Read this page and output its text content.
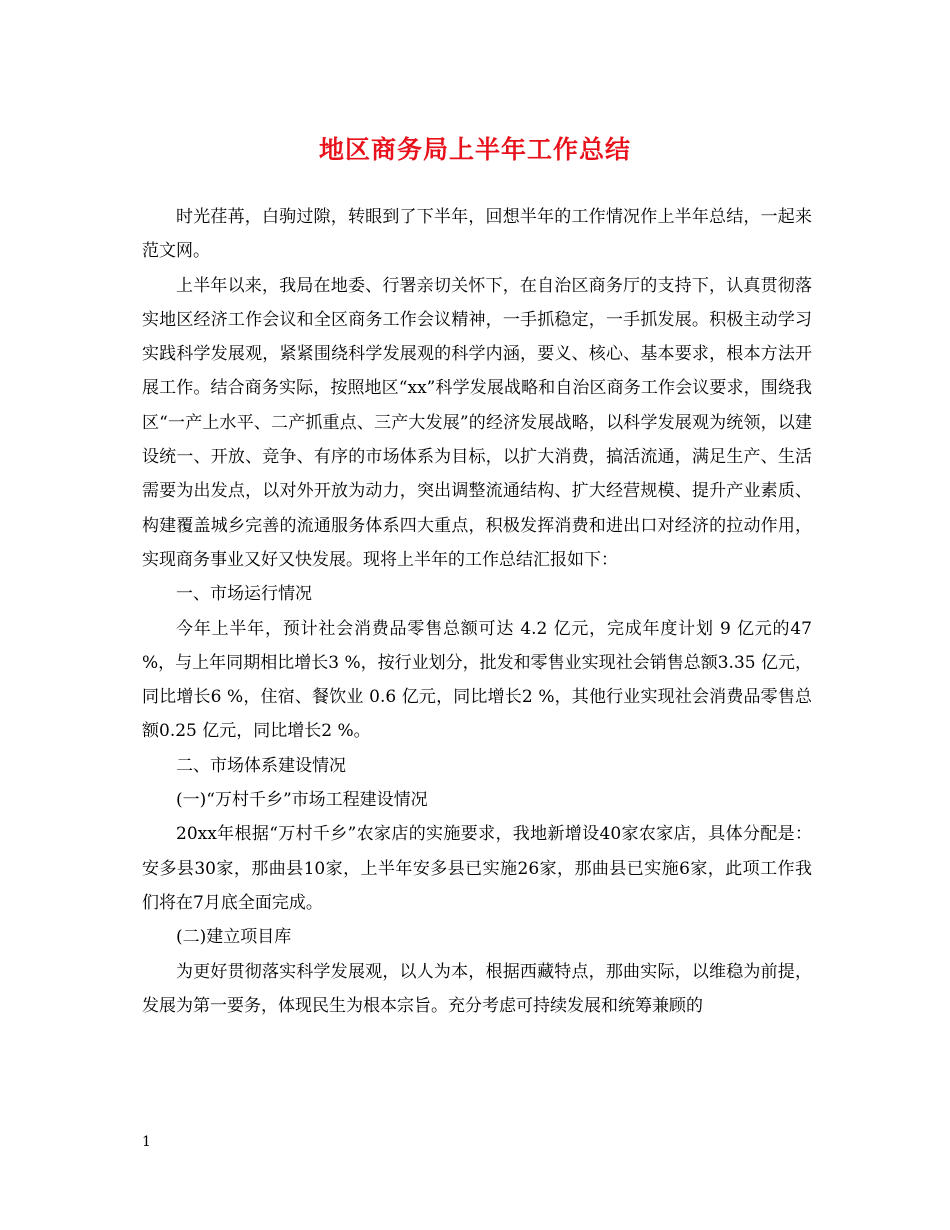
地区商务局上半年工作总结

时光荏苒，白驹过隙，转眼到了下半年，回想半年的工作情况作上半年总结，一起来范文网。

上半年以来，我局在地委、行署亲切关怀下，在自治区商务厅的支持下，认真贯彻落实地区经济工作会议和全区商务工作会议精神，一手抓稳定，一手抓发展。积极主动学习实践科学发展观，紧紧围绕科学发展观的科学内涵，要义、核心、基本要求，根本方法开展工作。结合商务实际，按照地区“xx”科学发展战略和自治区商务工作会议要求，围绕我区“一产上水平、二产抓重点、三产大发展”的经济发展战略，以科学发展观为统领，以建设统一、开放、竞争、有序的市场体系为目标，以扩大消费，搞活流通，满足生产、生活需要为出发点，以对外开放为动力，突出调整流通结构、扩大经营规模、提升产业素质、构建覆盖城乡完善的流通服务体系四大重点，积极发挥消费和进出口对经济的拉动作用，实现商务事业又好又快发展。现将上半年的工作总结汇报如下：

一、市场运行情况

今年上半年，预计社会消费品零售总额可达 4.2 亿元，完成年度计划 9 亿元的47 %，与上年同期相比增长3 %，按行业划分，批发和零售业实现社会销售总额3.35 亿元，同比增长6 %，住宿、餐饮业 0.6 亿元，同比增长2 %，其他行业实现社会消费品零售总额0.25 亿元，同比增长2 %。

二、市场体系建设情况

(一)“万村千乡”市场工程建设情况

20xx年根据“万村千乡”农家店的实施要求，我地新增设40家农家店，具体分配是：安多县30家，那曲县10家，上半年安多县已实施26家，那曲县已实施6家，此项工作我们将在7月底全面完成。

(二)建立项目库

为更好贯彻落实科学发展观，以人为本，根据西藏特点，那曲实际，以维稳为前提，发展为第一要务，体现民生为根本宗旨。充分考虑可持续发展和统筹兼顾的

1
